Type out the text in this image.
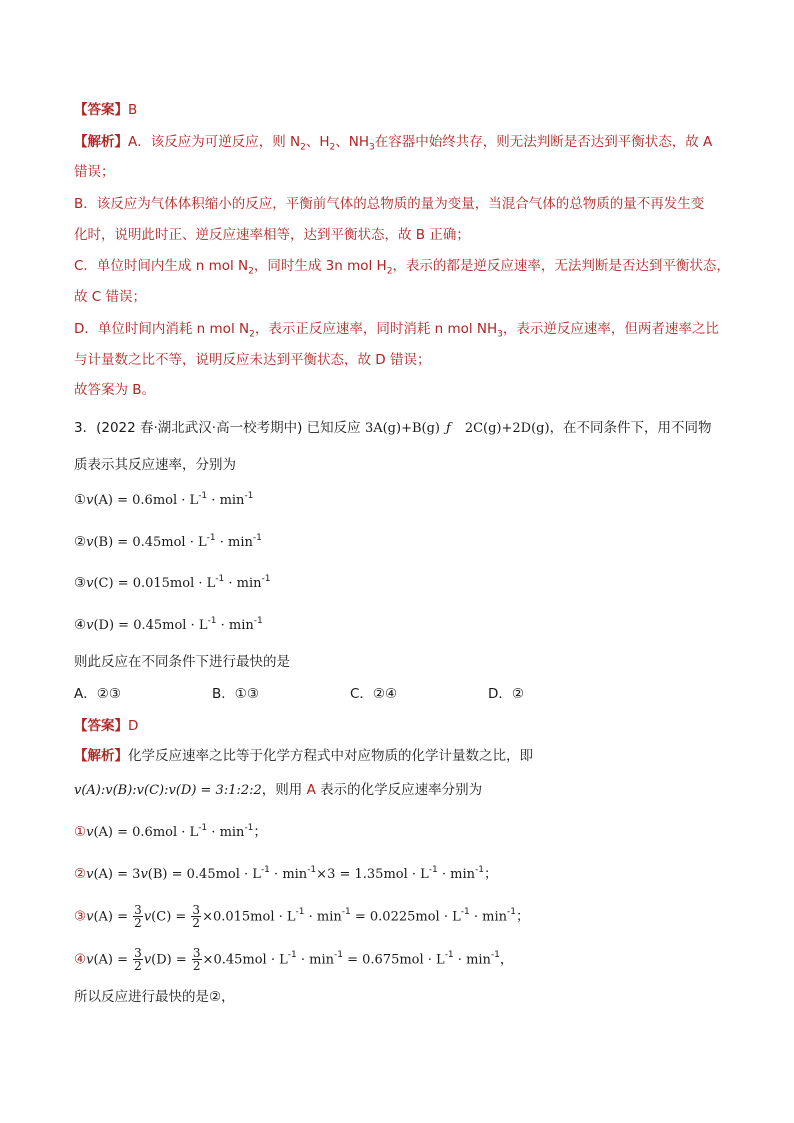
【答案】B
【解析】A．该反应为可逆反应，则 $N_2$、$H_2$、$NH_3$在容器中始终共存，则无法判断是否达到平衡状态，故 A
错误；
B．该反应为气体体积缩小的反应，平衡前气体的总物质的量为变量，当混合气体的总物质的量不再发生变
化时，说明此时正、逆反应速率相等，达到平衡状态，故 B 正确；
C．单位时间内生成 n mol $N_2$，同时生成 3n mol $H_2$，表示的都是逆反应速率，无法判断是否达到平衡状态，
故 C 错误；
D．单位时间内消耗 n mol $N_2$，表示正反应速率，同时消耗 n mol $NH_3$，表示逆反应速率，但两者速率之比
与计量数之比不等，说明反应未达到平衡状态，故 D 错误；
故答案为 B。
3．(2022 春·湖北武汉·高一校考期中) 已知反应 3A(g)+B(g) ƒ 2C(g)+2D(g)，在不同条件下，用不同物
质表示其反应速率，分别为
①v(A) = $0.6mol \cdot L^{-1} \cdot \min^{-1}$
②v(B) = $0.45mol \cdot L^{-1} \cdot \min^{-1}$
③v(C) = $0.015mol \cdot L^{-1} \cdot \min^{-1}$
④v(D) = $0.45mol \cdot L^{-1} \cdot \min^{-1}$
则此反应在不同条件下进行最快的是
A．②③	B．①③	C．②④	D．②
【答案】D
【解析】化学反应速率之比等于化学方程式中对应物质的化学计量数之比，即
v(A):v(B):v(C):v(D) = 3:1:2:2，则用 A 表示的化学反应速率分别为
①v(A) = $0.6mol \cdot L^{-1} \cdot \min^{-1}$；
②v(A) = $3v(B) = 0.45mol \cdot L^{-1} \cdot \min^{-1}\times 3 = 1.35mol \cdot L^{-1} \cdot \min^{-1}$；
③v(A) = $\frac{3}{2} v(C) = \frac{3}{2} \times 0.015mol \cdot L^{-1} \cdot \min^{-1} = 0.0225mol \cdot L^{-1} \cdot \min^{-1}$；
④v(A) = $\frac{3}{2} v(D) = \frac{3}{2} \times 0.45mol \cdot L^{-1} \cdot \min^{-1} = 0.675mol \cdot L^{-1} \cdot \min^{-1}$，
所以反应进行最快的是②，
